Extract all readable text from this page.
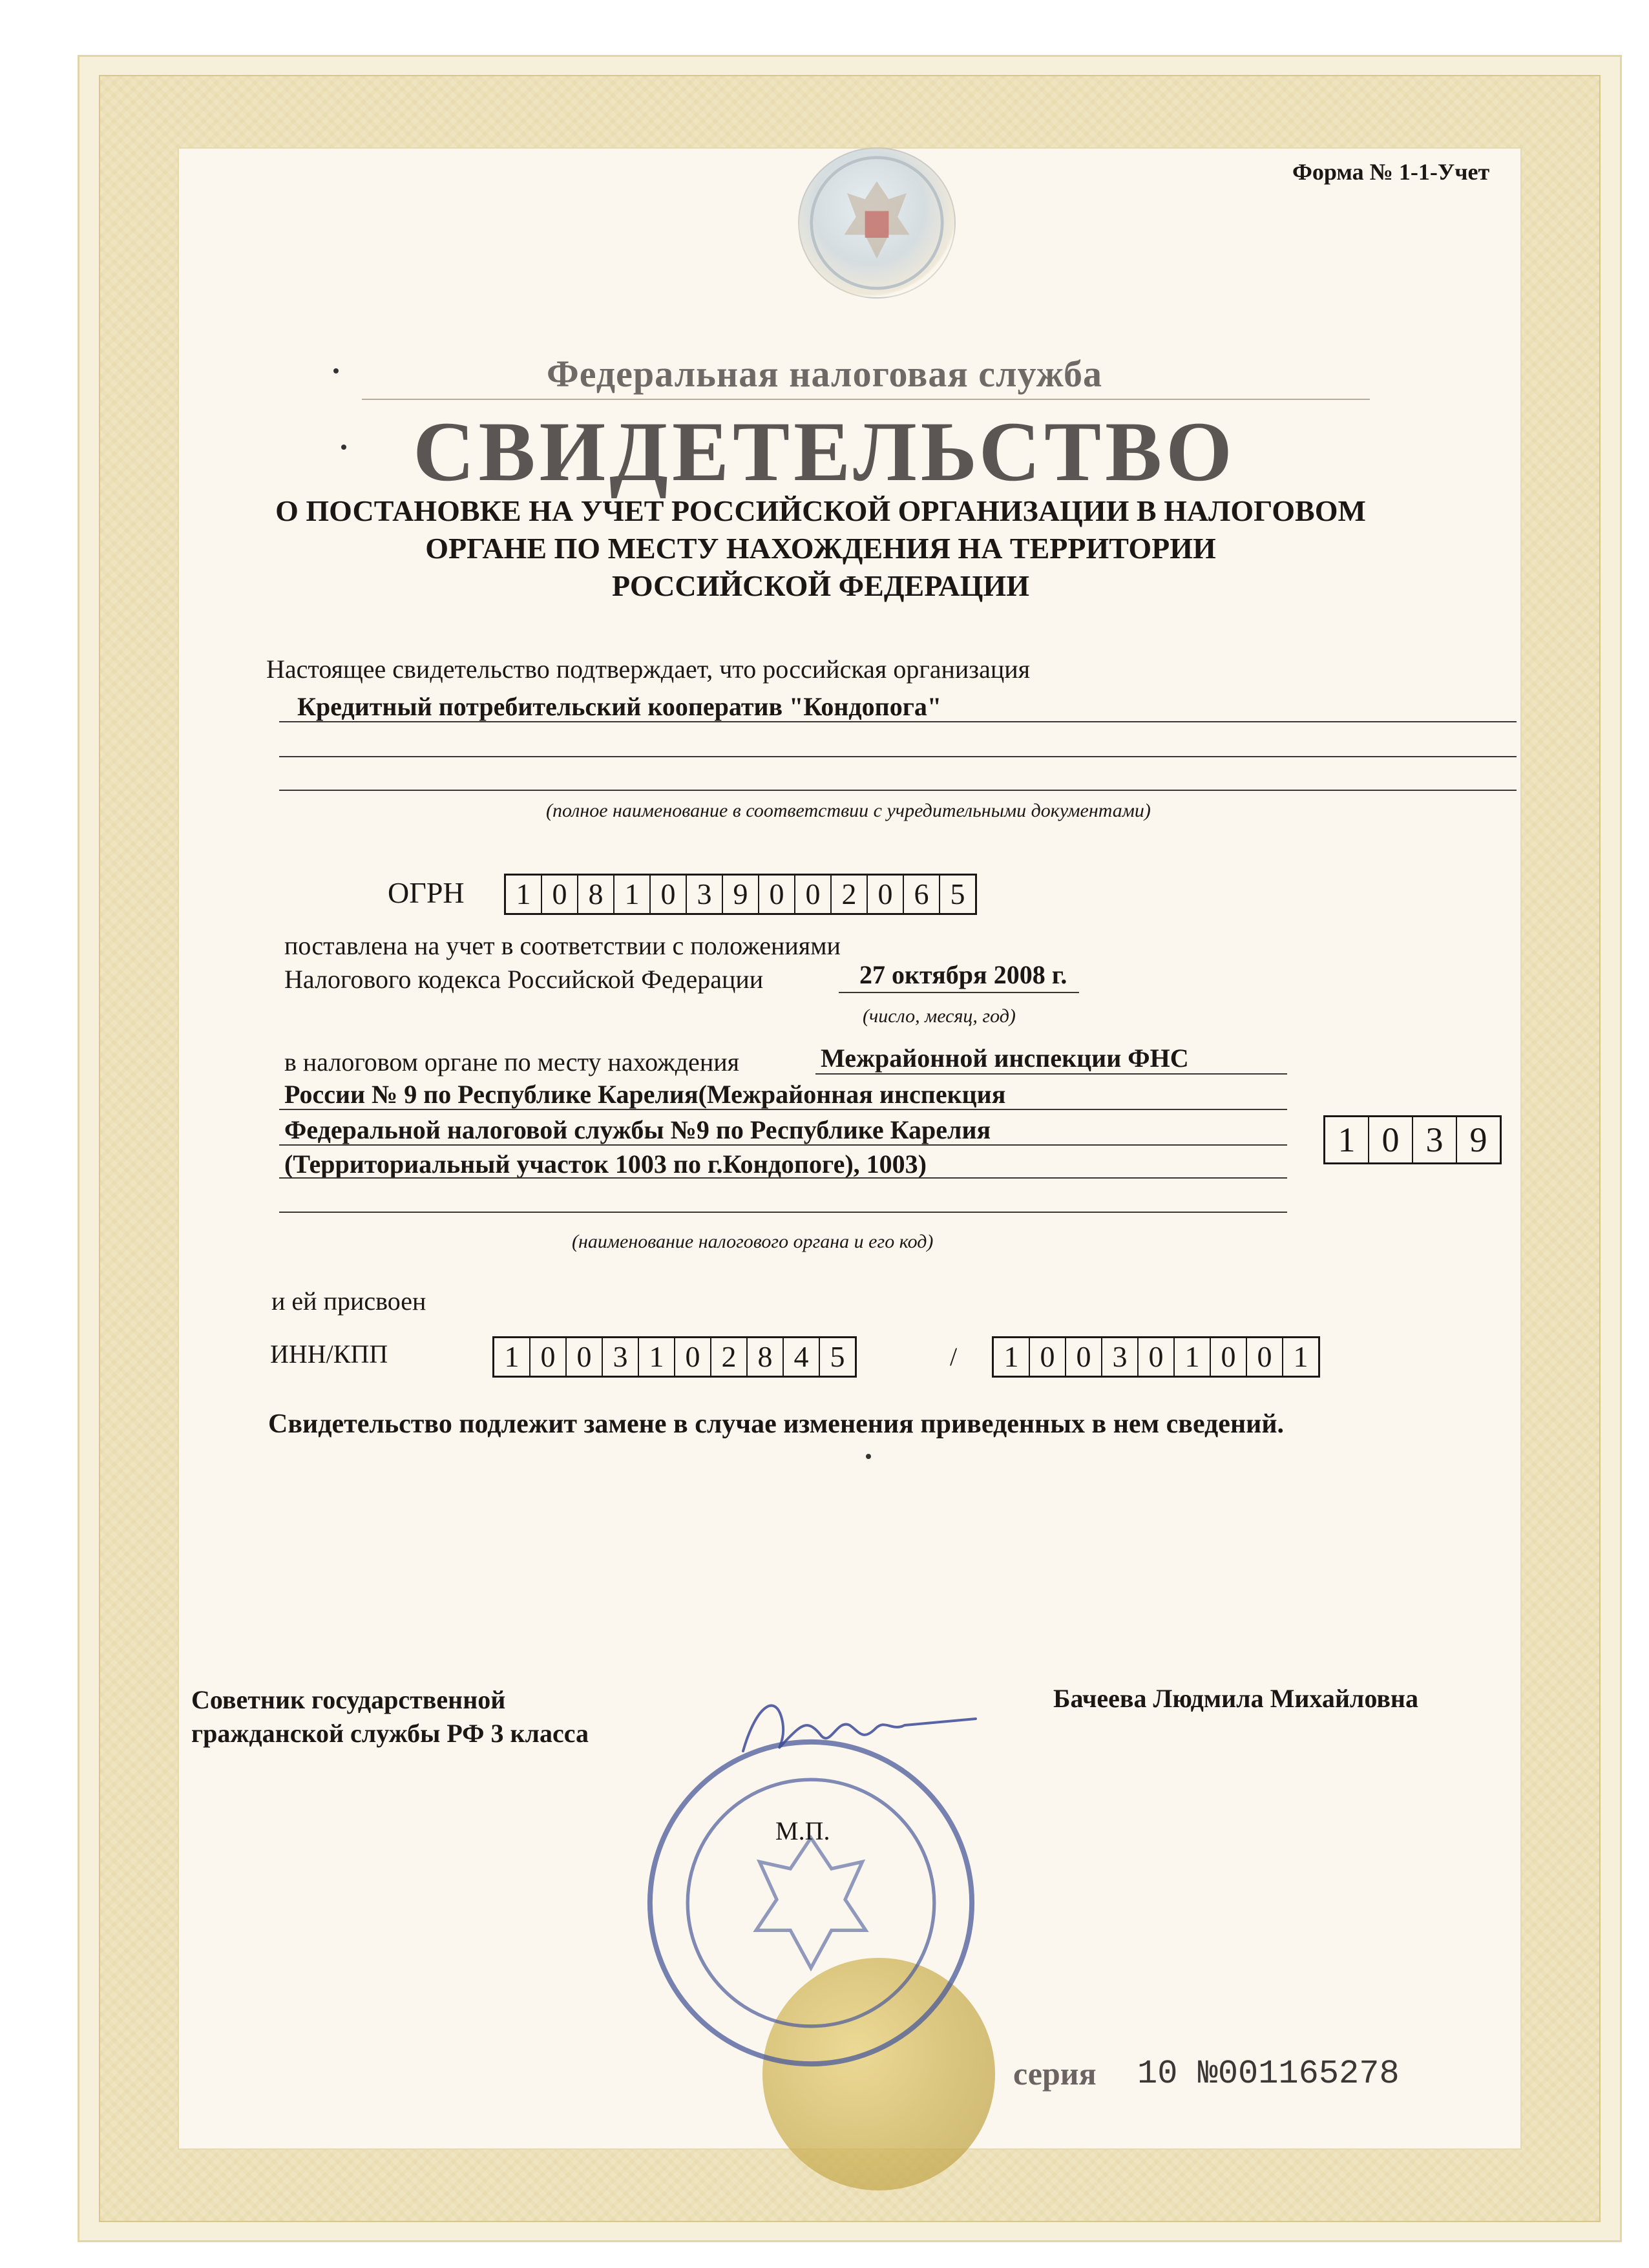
Форма № 1-1-Учет
Федеральная налоговая служба
СВИДЕТЕЛЬСТВО
О ПОСТАНОВКЕ НА УЧЕТ РОССИЙСКОЙ ОРГАНИЗАЦИИ В НАЛОГОВОМ
ОРГАНЕ ПО МЕСТУ НАХОЖДЕНИЯ НА ТЕРРИТОРИИ
РОССИЙСКОЙ ФЕДЕРАЦИИ
Настоящее свидетельство подтверждает, что российская организация
Кредитный потребительский кооператив "Кондопога"
(полное наименование в соответствии с учредительными документами)
ОГРН	1 0 8 1 0 3 9 0 0 2 0 6 5
поставлена на учет в соответствии с положениями
Налогового кодекса Российской Федерации	27 октября 2008 г.
(число, месяц, год)
в налоговом органе по месту нахождения	Межрайонной инспекции ФНС
России № 9 по Республике Карелия(Межрайонная инспекция
Федеральной налоговой службы №9 по Республике Карелия
(Территориальный участок 1003 по г.Кондопоге), 1003)
1 0 3 9
(наименование налогового органа и его код)
и ей присвоен
ИНН/КПП	1 0 0 3 1 0 2 8 4 5	/	1 0 0 3 0 1 0 0 1
Свидетельство подлежит замене в случае изменения приведенных в нем сведений.
Советник государственной
гражданской службы РФ 3 класса
Бачеева Людмила Михайловна
М.П.
серия 10 №001165278
